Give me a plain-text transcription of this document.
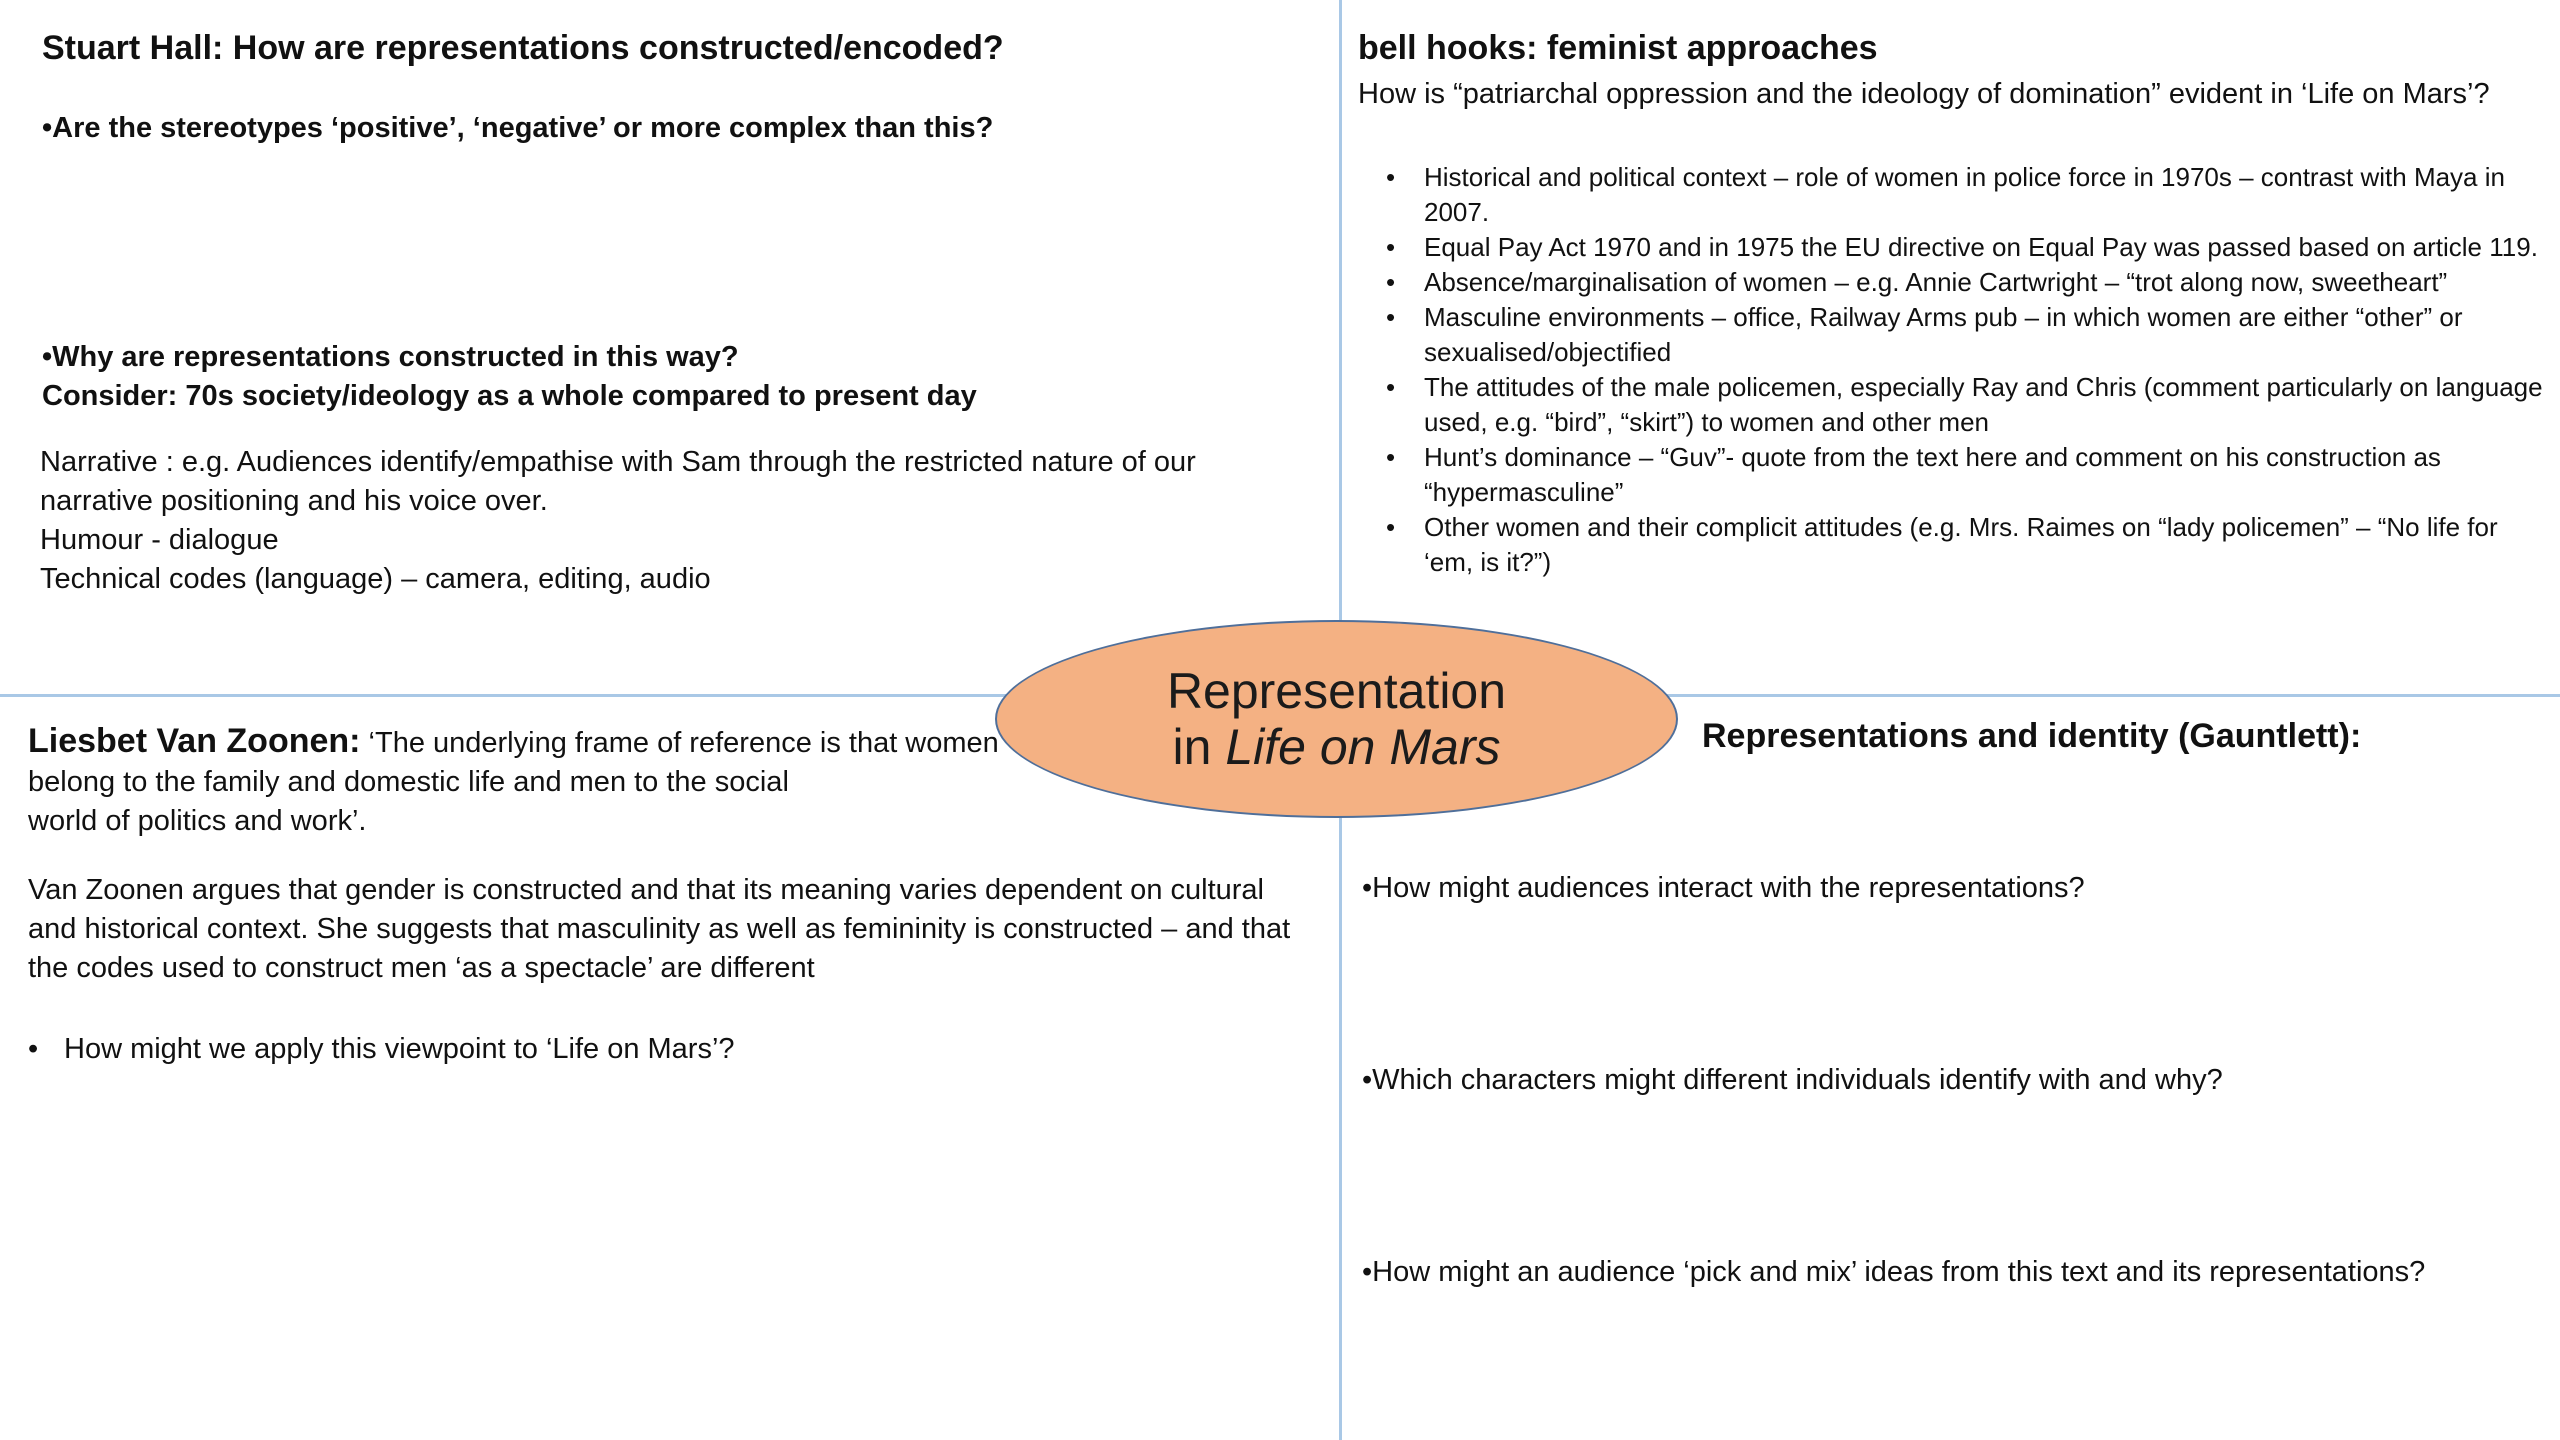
Stuart Hall: How are representations constructed/encoded?

•Are the stereotypes ‘positive’, ‘negative’ or more complex than this?

•Why are representations constructed in this way?

Consider: 70s society/ideology as a whole compared to present day

Narrative : e.g. Audiences identify/empathise with Sam through the restricted nature of our

narrative positioning and his voice over.

Humour - dialogue

Technical codes (language) – camera, editing, audio

bell hooks: feminist approaches

How is “patriarchal oppression and the ideology of domination” evident in ‘Life on Mars’?

• Historical and political context – role of women in police force in 1970s – contrast with Maya in 2007.
• Equal Pay Act 1970 and in 1975 the EU directive on Equal Pay was passed based on article 119.
• Absence/marginalisation of women – e.g. Annie Cartwright – “trot along now, sweetheart”
• Masculine environments – office, Railway Arms pub – in which women are either “other” or sexualised/objectified
• The attitudes of the male policemen, especially Ray and Chris (comment particularly on language used, e.g. “bird”, “skirt”) to women and other men
• Hunt’s dominance – “Guv”- quote from the text here and comment on his construction as “hypermasculine”
• Other women and their complicit attitudes (e.g. Mrs. Raimes on “lady policemen” – “No life for ‘em, is it?”)

Liesbet Van Zoonen: ‘The underlying frame of reference is that women

belong to the family and domestic life and men to the social

world of politics and work’.

Van Zoonen argues that gender is constructed and that its meaning varies dependent on cultural

and historical context. She suggests that masculinity as well as femininity is constructed – and that

the codes used to construct men ‘as a spectacle’ are different

• How might we apply this viewpoint to ‘Life on Mars’?
Representations and identity (Gauntlett):

•How might audiences interact with the representations?

•Which characters might different individuals identify with and why?

•How might an audience ‘pick and mix’ ideas from this text and its representations?

Representation
in Life on Mars
